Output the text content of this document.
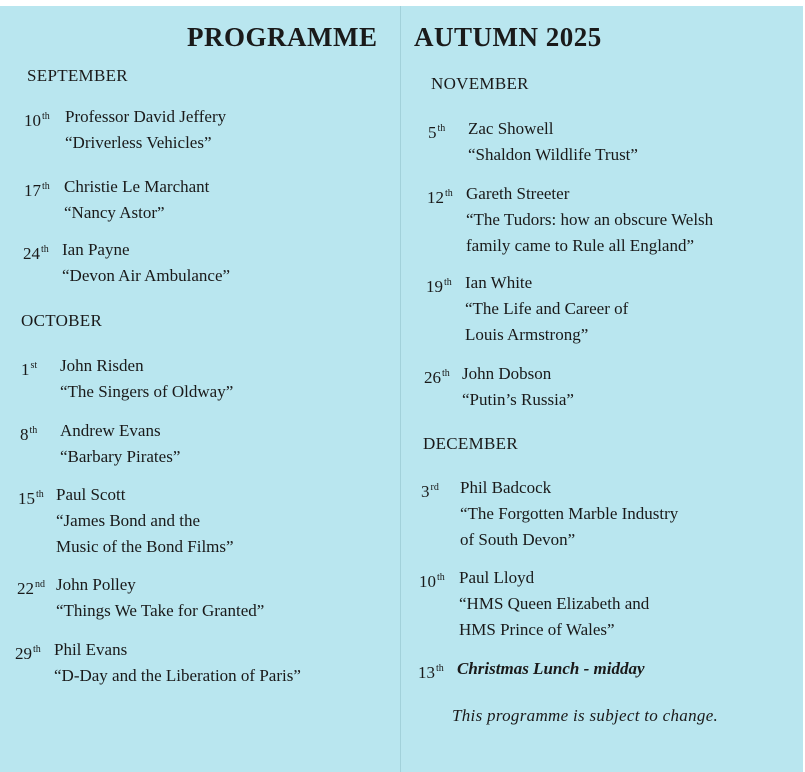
PROGRAMME AUTUMN 2025
SEPTEMBER
10th Professor David Jeffery
“Driverless Vehicles”
17th Christie Le Marchant
“Nancy Astor”
24th Ian Payne
“Devon Air Ambulance”
OCTOBER
1st John Risden
“The Singers of Oldway”
8th Andrew Evans
“Barbary Pirates”
15th Paul Scott
“James Bond and the
Music of the Bond Films”
22nd John Polley
“Things We Take for Granted”
29th Phil Evans
“D-Day and the Liberation of Paris”
NOVEMBER
5th Zac Showell
“Shaldon Wildlife Trust”
12th Gareth Streeter
“The Tudors: how an obscure Welsh
family came to Rule all England”
19th Ian White
“The Life and Career of
Louis Armstrong”
26th John Dobson
“Putin’s Russia”
DECEMBER
3rd Phil Badcock
“The Forgotten Marble Industry
of South Devon”
10th Paul Lloyd
“HMS Queen Elizabeth and
HMS Prince of Wales”
13th Christmas Lunch - midday
This programme is subject to change.
